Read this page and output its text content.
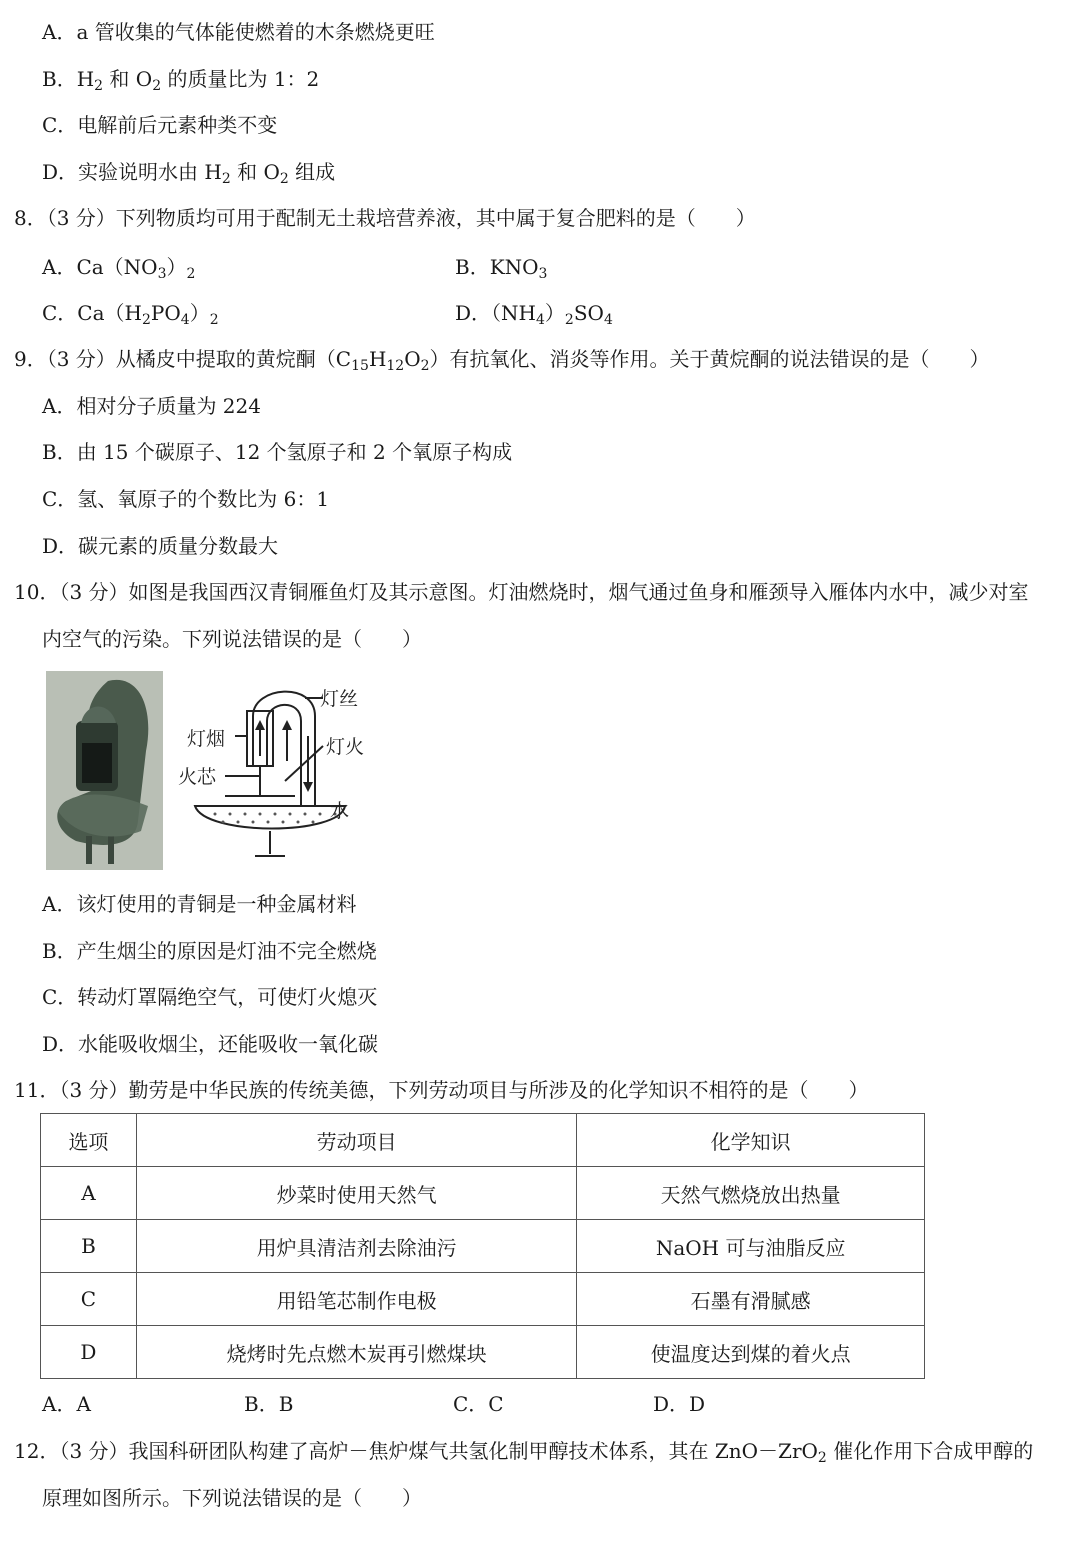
A．a 管收集的气体能使燃着的木条燃烧更旺
B．$H_2$ 和 $O_2$ 的质量比为 1：2
C．电解前后元素种类不变
D．实验说明水由 $H_2$ 和 $O_2$ 组成
8．（3 分）下列物质均可用于配制无土栽培营养液，其中属于复合肥料的是（　　）
A．$Ca(NO_3)_2$	B．$KNO_3$
C．$Ca(H_2PO_4)_2$	D．$(NH_4)_2SO_4$
9．（3 分）从橘皮中提取的黄烷酮$(C_{15}H_{12}O_2)$有抗氧化、消炎等作用。关于黄烷酮的说法错误的是（　　）
A．相对分子质量为 224
B．由 15 个碳原子、12 个氢原子和 2 个氧原子构成
C．氢、氧原子的个数比为 6：1
D．碳元素的质量分数最大
10．（3 分）如图是我国西汉青铜雁鱼灯及其示意图。灯油燃烧时，烟气通过鱼身和雁颈导入雁体内水中，减少对室
内空气的污染。下列说法错误的是（　　）
灯丝
灯烟	灯火
火芯
水
A．该灯使用的青铜是一种金属材料
B．产生烟尘的原因是灯油不完全燃烧
C．转动灯罩隔绝空气，可使灯火熄灭
D．水能吸收烟尘，还能吸收一氧化碳
11．（3 分）勤劳是中华民族的传统美德，下列劳动项目与所涉及的化学知识不相符的是（　　）
选项	劳动项目	化学知识
A	炒菜时使用天然气	天然气燃烧放出热量
B	用炉具清洁剂去除油污	NaOH 可与油脂反应
C	用铅笔芯制作电极	石墨有滑腻感
D	烧烤时先点燃木炭再引燃煤块	使温度达到煤的着火点
A．A	B．B	C．C	D．D
12．（3 分）我国科研团队构建了高炉－焦炉煤气共氢化制甲醇技术体系，其在 ZnO－ZrO$_2$ 催化作用下合成甲醇的
原理如图所示。下列说法错误的是（　　）
